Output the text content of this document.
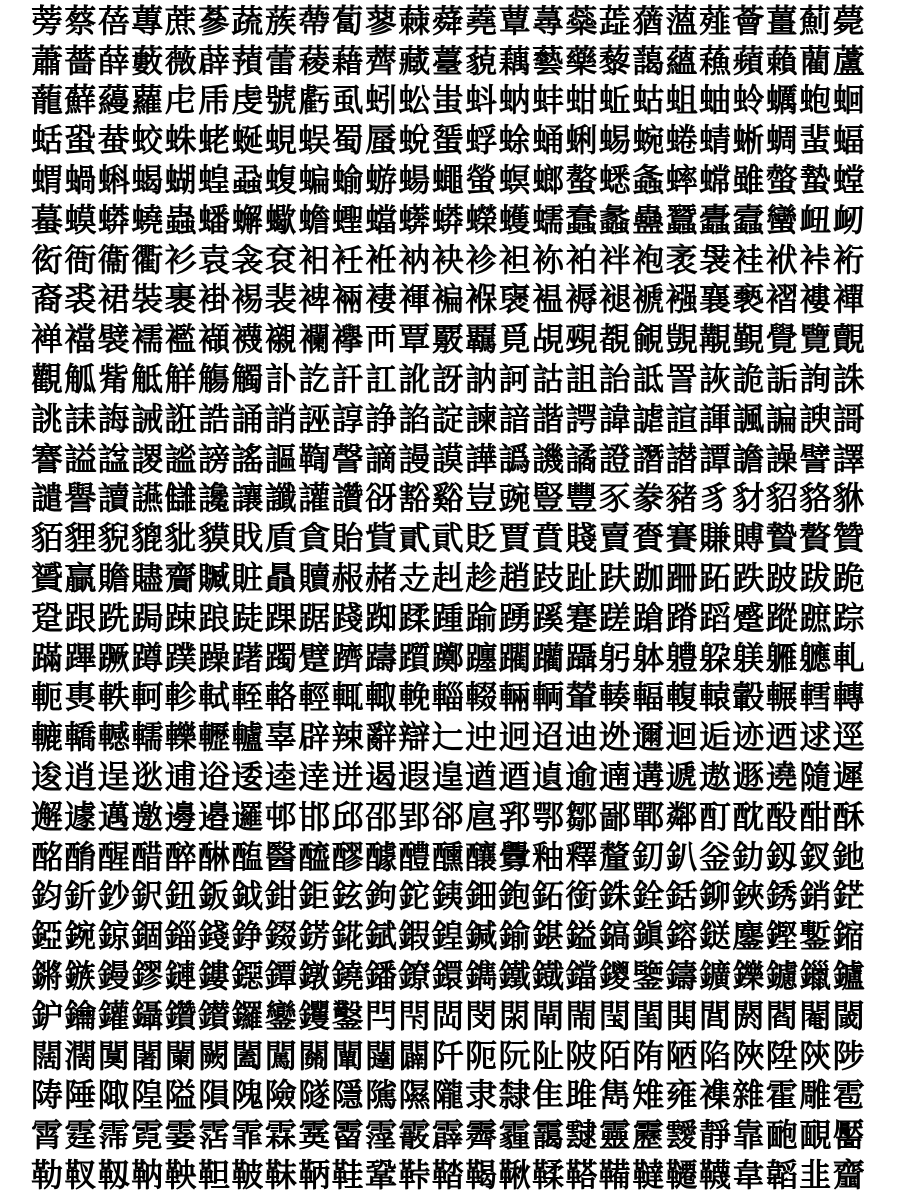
蒡蔡蓓蓴蔗蔘蔬蔟蔕蔔蓼蕀蕣蕘蕈蕁蘂蕋蕕薀薤薈薑薊薨
蕭薔薛藪薇薜蕷蕾薐藉薺藏薹藐藕藝藥藜藹蘊蘓蘋藾藺蘆
蘢蘚蘰蘿虍乕虔號虧虱蚓蚣蚩蚪蚋蚌蚶蚯蛄蛆蚰蛉蠣蚫蛔
蛞蛩蛬蛟蛛蛯蜒蜆蜈蜀蜃蛻蜑蜉蜍蛹蜊蜴蜿蜷蜻蜥蜩蜚蝠
蝟蝸蝌蝎蝴蝗蝨蝮蝙蝓蝣蝪蠅螢螟螂螯蟋螽蟀蟐雖螫蟄螳
蟇蟆蟒蟯蟲蟠蠏蠍蟾蟶蟷蠎蟒蠑蠖蠕蠢蠡蠱蠶蠹蠧蠻衄衂
衒衙衞衢衫袁衾袞衵衽袵衲袂袗袒袮袙袢袍袤袰袿袱裃裄
裔裘裙裝裹褂裼裴裨裲褄褌褊褓襃褞褥褪褫襁襄褻褶褸襌
褝襠襞襦襤襭襪襯襴襷襾覃覈覊覓覘覡覩覦覬覯覲覺覽覿
觀觚觜觝觧觴觸訃訖訐訌訛訝訥訶詁詛詒詆詈詼詭詬詢誅
誂誄誨誡誑誥誦誚誣諄諍諂諚諫諳諧諤諱謔諠諢諷諞諛謌
謇謚諡謖謐謗謠謳鞫謦謫謾謨譁譌譏譎證譖譛譚譫譟譬譯
譴譽讀讌讎讒讓讖讙讚谺豁谿豈豌豎豐豕豢豬豸豺貂貉貅
貊貍貎貔豼貘戝貭貪貽貲貳貮貶賈賁賤賣賚賽賺賻贄贅贊
贇贏贍贐齎贓賍贔贖赧赭赱赳趁趙跂趾趺跏跚跖跌跛跋跪
跫跟跣跼踈踉跿踝踞踐踟蹂踵踰踴蹊蹇蹉蹌蹐蹈蹙蹤蹠踪
蹣蹕蹶蹲蹼躁躇躅躄躋躊躓躑躔躙躪躡躬躰軆躱躾軅軈軋
軛軣軼軻軫軾輊輅輕輒輙輓輜輟輛輌輦輳輻輹轅轂輾轌轉
轆轎轗轜轢轣轤辜辟辣辭辯辷迚迥迢迪迯邇迴逅迹迺逑逕
逡逍逞逖逋逧逶逵逹迸遏遐遑遒逎遉逾遖遘遞遨遯遶隨遲
邂遽邁邀邊邉邏邨邯邱邵郢郤扈郛鄂鄒鄙鄲鄰酊酖酘酣酥
酩酳醒醋醉醂醢醫醯醪醵醴醺釀釁釉釋釐釖釟釡釛釼釵釶
鈞釿鈔鈬鈕鈑鉞鉗鉅鉉鉤鉈銕鈿鉋鉐銜銖銓銛鉚鋏銹銷鋩
錏鋺鍄錮錙錢錚錣錺錵錻鍜鍠鍼鍮鍖鎰鎬鎭鎔鎹鏖鏗鏨鏥
鏘鏃鏝鏐鏈鏤鐚鐔鐓鐃鐇鐐鐶鐫鐵鐡鐺鑁鑒鑄鑛鑠鑢鑞鑪
鈩鑰鑵鑷鑽鑚鑼鑾钁鑿閂閇閊閔閖閘閙閠閨閧閭閼閻閹閾
闊濶闃闍闌闕闔闖關闡闥闢阡阨阮阯陂陌陏陋陷陜陞陝陟
陦陲陬隍隘隕隗險隧隱隲隰隴隶隸隹雎雋雉雍襍雜霍雕雹
霄霆霈霓霎霑霏霖霙霤霪霰霹霽霾靄靆靈靂靉靜靠靤靦靨
勒靫靱靹鞅靼鞁靺鞆鞋鞏鞐鞜鞨鞦鞣鞳鞴韃韆韈韋韜韭齏
